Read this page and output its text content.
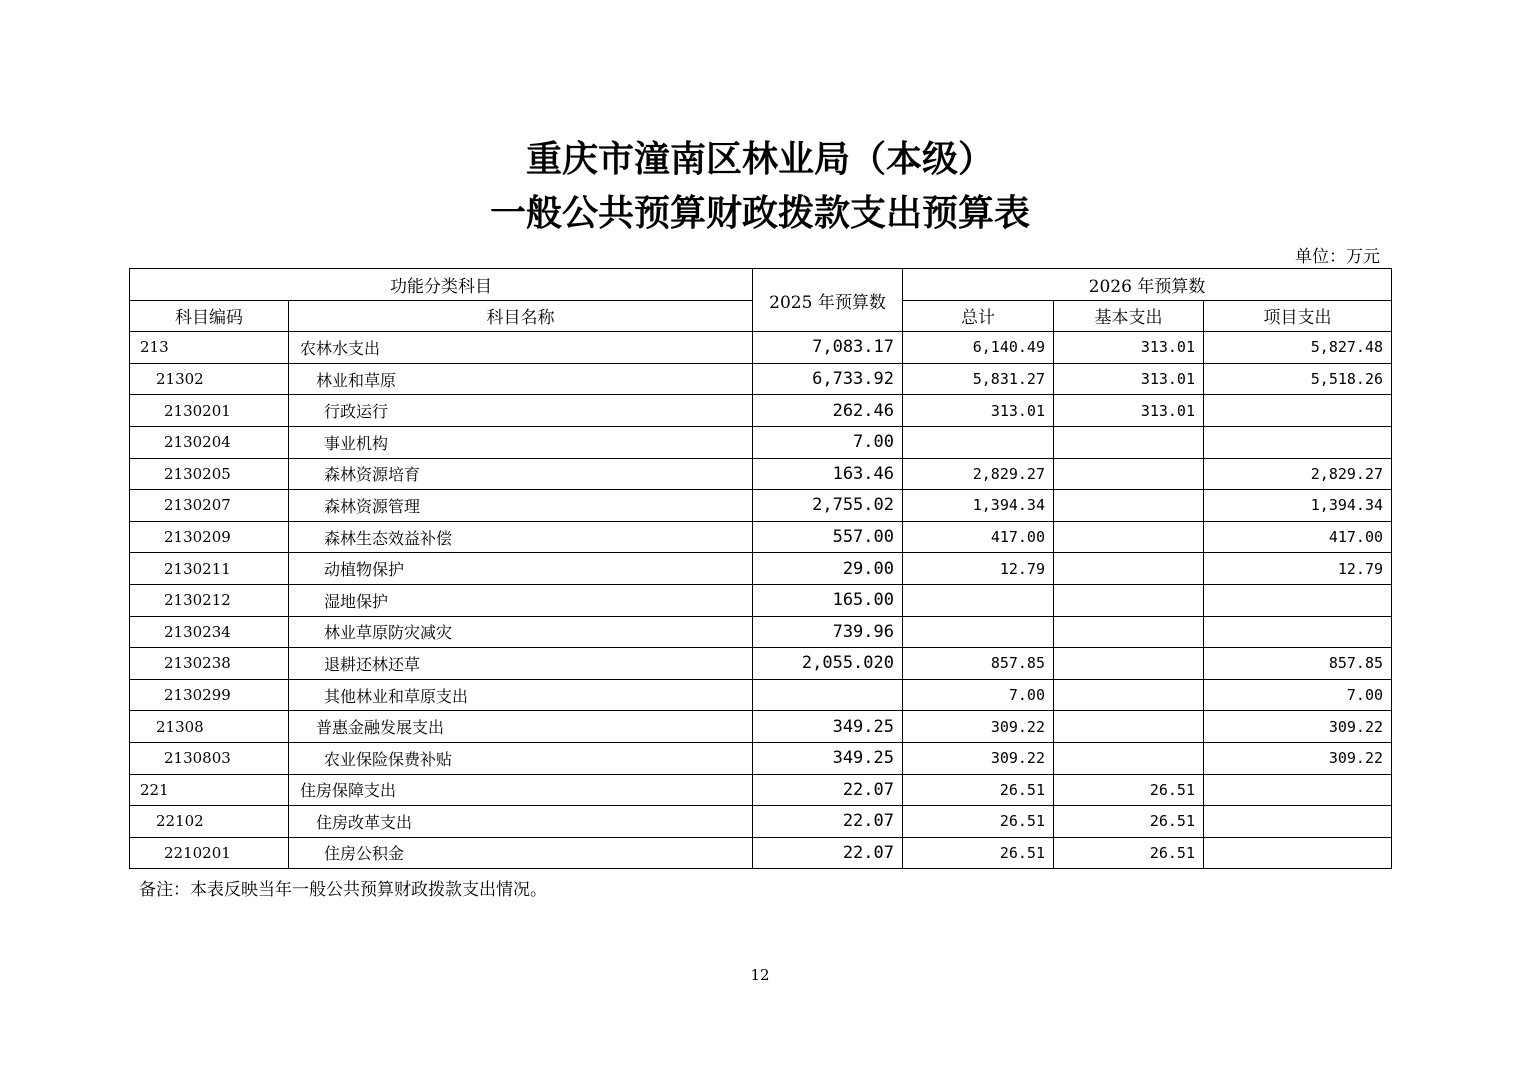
重庆市潼南区林业局（本级）
一般公共预算财政拨款支出预算表
单位：万元
功能分类科目		2025 年预算数	2026 年预算数		
科目编码	科目名称		总计	基本支出	项目支出
213	农林水支出	7,083.17	6,140.49	313.01	5,827.48
21302	林业和草原	6,733.92	5,831.27	313.01	5,518.26
2130201	行政运行	262.46	313.01	313.01	
2130204	事业机构	7.00			
2130205	森林资源培育	163.46	2,829.27		2,829.27
2130207	森林资源管理	2,755.02	1,394.34		1,394.34
2130209	森林生态效益补偿	557.00	417.00		417.00
2130211	动植物保护	29.00	12.79		12.79
2130212	湿地保护	165.00			
2130234	林业草原防灾减灾	739.96			
2130238	退耕还林还草	2,055.020	857.85		857.85
2130299	其他林业和草原支出		7.00		7.00
21308	普惠金融发展支出	349.25	309.22		309.22
2130803	农业保险保费补贴	349.25	309.22		309.22
221	住房保障支出	22.07	26.51	26.51	
22102	住房改革支出	22.07	26.51	26.51	
2210201	住房公积金	22.07	26.51	26.51	
备注：本表反映当年一般公共预算财政拨款支出情况。
12
